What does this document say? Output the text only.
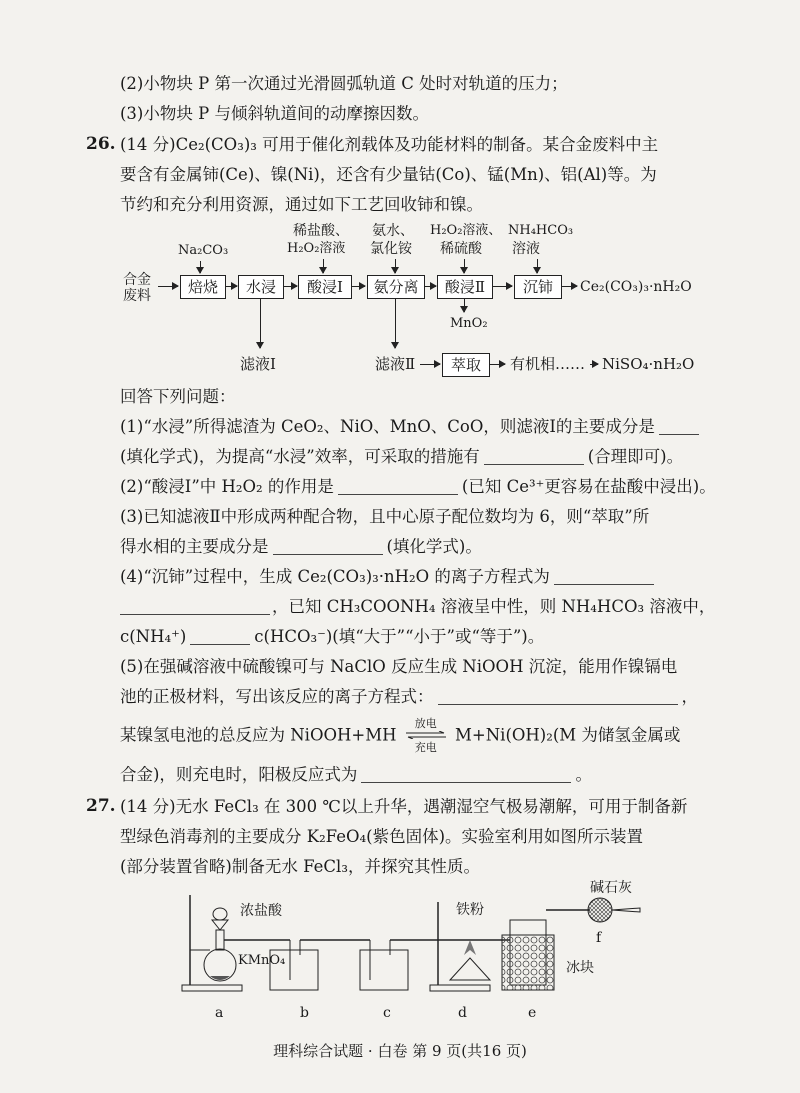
(2)小物块 P 第一次通过光滑圆弧轨道 C 处时对轨道的压力；
(3)小物块 P 与倾斜轨道间的动摩擦因数。
26. (14 分)Ce₂(CO₃)₃ 可用于催化剂载体及功能材料的制备。某合金废料中主
要含有金属铈(Ce)、镍(Ni)，还含有少量钴(Co)、锰(Mn)、铝(Al)等。为
节约和充分利用资源，通过如下工艺回收铈和镍。
合金
废料	焙烧	水浸	酸浸Ⅰ	氨分离	酸浸Ⅱ	沉铈	Ce₂(CO₃)₃·nH₂O
Na₂CO₃
稀盐酸、
H₂O₂溶液
氨水、
氯化铵
H₂O₂溶液、
稀硫酸
NH₄HCO₃
溶液
滤液Ⅰ	滤液Ⅱ	萃取	有机相…… NiSO₄·nH₂O
MnO₂
回答下列问题：
(1)“水浸”所得滤渣为 CeO₂、NiO、MnO、CoO，则滤液Ⅰ的主要成分是
(填化学式)，为提高“水浸”效率，可采取的措施有	(合理即可)。
(2)“酸浸Ⅰ”中 H₂O₂ 的作用是	(已知 Ce³⁺更容易在盐酸中浸出)。
(3)已知滤液Ⅱ中形成两种配合物，且中心原子配位数均为 6，则“萃取”所
得水相的主要成分是	(填化学式)。
(4)“沉铈”过程中，生成 Ce₂(CO₃)₃·nH₂O 的离子方程式为
，已知 CH₃COONH₄ 溶液呈中性，则 NH₄HCO₃ 溶液中，
c(NH₄⁺)	c(HCO₃⁻)(填“大于”“小于”或“等于”)。
(5)在强碱溶液中硫酸镍可与 NaClO 反应生成 NiOOH 沉淀，能用作镍镉电
池的正极材料，写出该反应的离子方程式：	，
某镍氢电池的总反应为 NiOOH+MH
放电
充电
M+Ni(OH)₂(M 为储氢金属或
合金)，则充电时，阳极反应式为	。
27. (14 分)无水 FeCl₃ 在 300 ℃以上升华，遇潮湿空气极易潮解，可用于制备新
型绿色消毒剂的主要成分 K₂FeO₄(紫色固体)。实验室利用如图所示装置
(部分装置省略)制备无水 FeCl₃，并探究其性质。
浓盐酸
KMnO₄
铁粉
碱石灰
冰块
a	b	c	d	e
f
理科综合试题 · 白卷 第 9 页(共16 页)
